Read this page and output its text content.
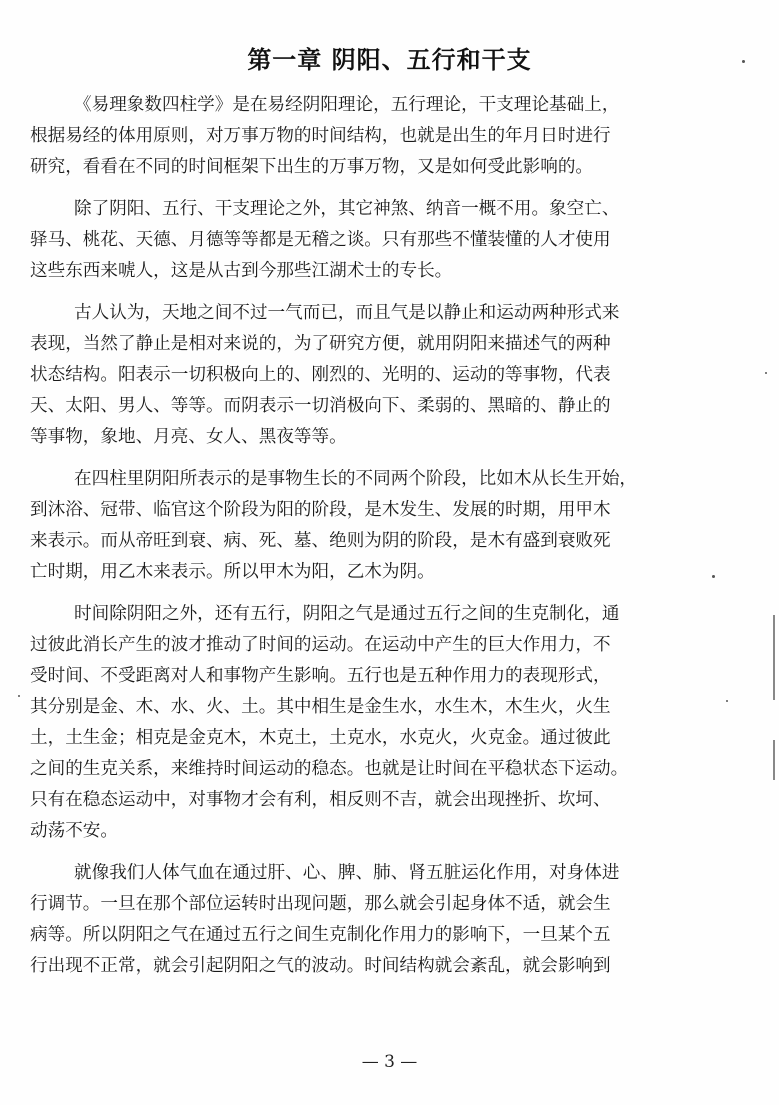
第一章 阴阳、五行和干支
《易理象数四柱学》是在易经阴阳理论，五行理论，干支理论基础上，
根据易经的体用原则，对万事万物的时间结构，也就是出生的年月日时进行
研究，看看在不同的时间框架下出生的万事万物，又是如何受此影响的。
除了阴阳、五行、干支理论之外，其它神煞、纳音一概不用。象空亡、
驿马、桃花、天德、月德等等都是无稽之谈。只有那些不懂装懂的人才使用
这些东西来唬人，这是从古到今那些江湖术士的专长。
古人认为，天地之间不过一气而已，而且气是以静止和运动两种形式来
表现，当然了静止是相对来说的，为了研究方便，就用阴阳来描述气的两种
状态结构。阳表示一切积极向上的、刚烈的、光明的、运动的等事物，代表
天、太阳、男人、等等。而阴表示一切消极向下、柔弱的、黑暗的、静止的
等事物，象地、月亮、女人、黑夜等等。
在四柱里阴阳所表示的是事物生长的不同两个阶段，比如木从长生开始，
到沐浴、冠带、临官这个阶段为阳的阶段，是木发生、发展的时期，用甲木
来表示。而从帝旺到衰、病、死、墓、绝则为阴的阶段，是木有盛到衰败死
亡时期，用乙木来表示。所以甲木为阳，乙木为阴。
时间除阴阳之外，还有五行，阴阳之气是通过五行之间的生克制化，通
过彼此消长产生的波才推动了时间的运动。在运动中产生的巨大作用力，不
受时间、不受距离对人和事物产生影响。五行也是五种作用力的表现形式，
其分别是金、木、水、火、土。其中相生是金生水，水生木，木生火，火生
土，土生金；相克是金克木，木克土，土克水，水克火，火克金。通过彼此
之间的生克关系，来维持时间运动的稳态。也就是让时间在平稳状态下运动。
只有在稳态运动中，对事物才会有利，相反则不吉，就会出现挫折、坎坷、
动荡不安。
就像我们人体气血在通过肝、心、脾、肺、肾五脏运化作用，对身体进
行调节。一旦在那个部位运转时出现问题，那么就会引起身体不适，就会生
病等。所以阴阳之气在通过五行之间生克制化作用力的影响下，一旦某个五
行出现不正常，就会引起阴阳之气的波动。时间结构就会紊乱，就会影响到
— 3 —
